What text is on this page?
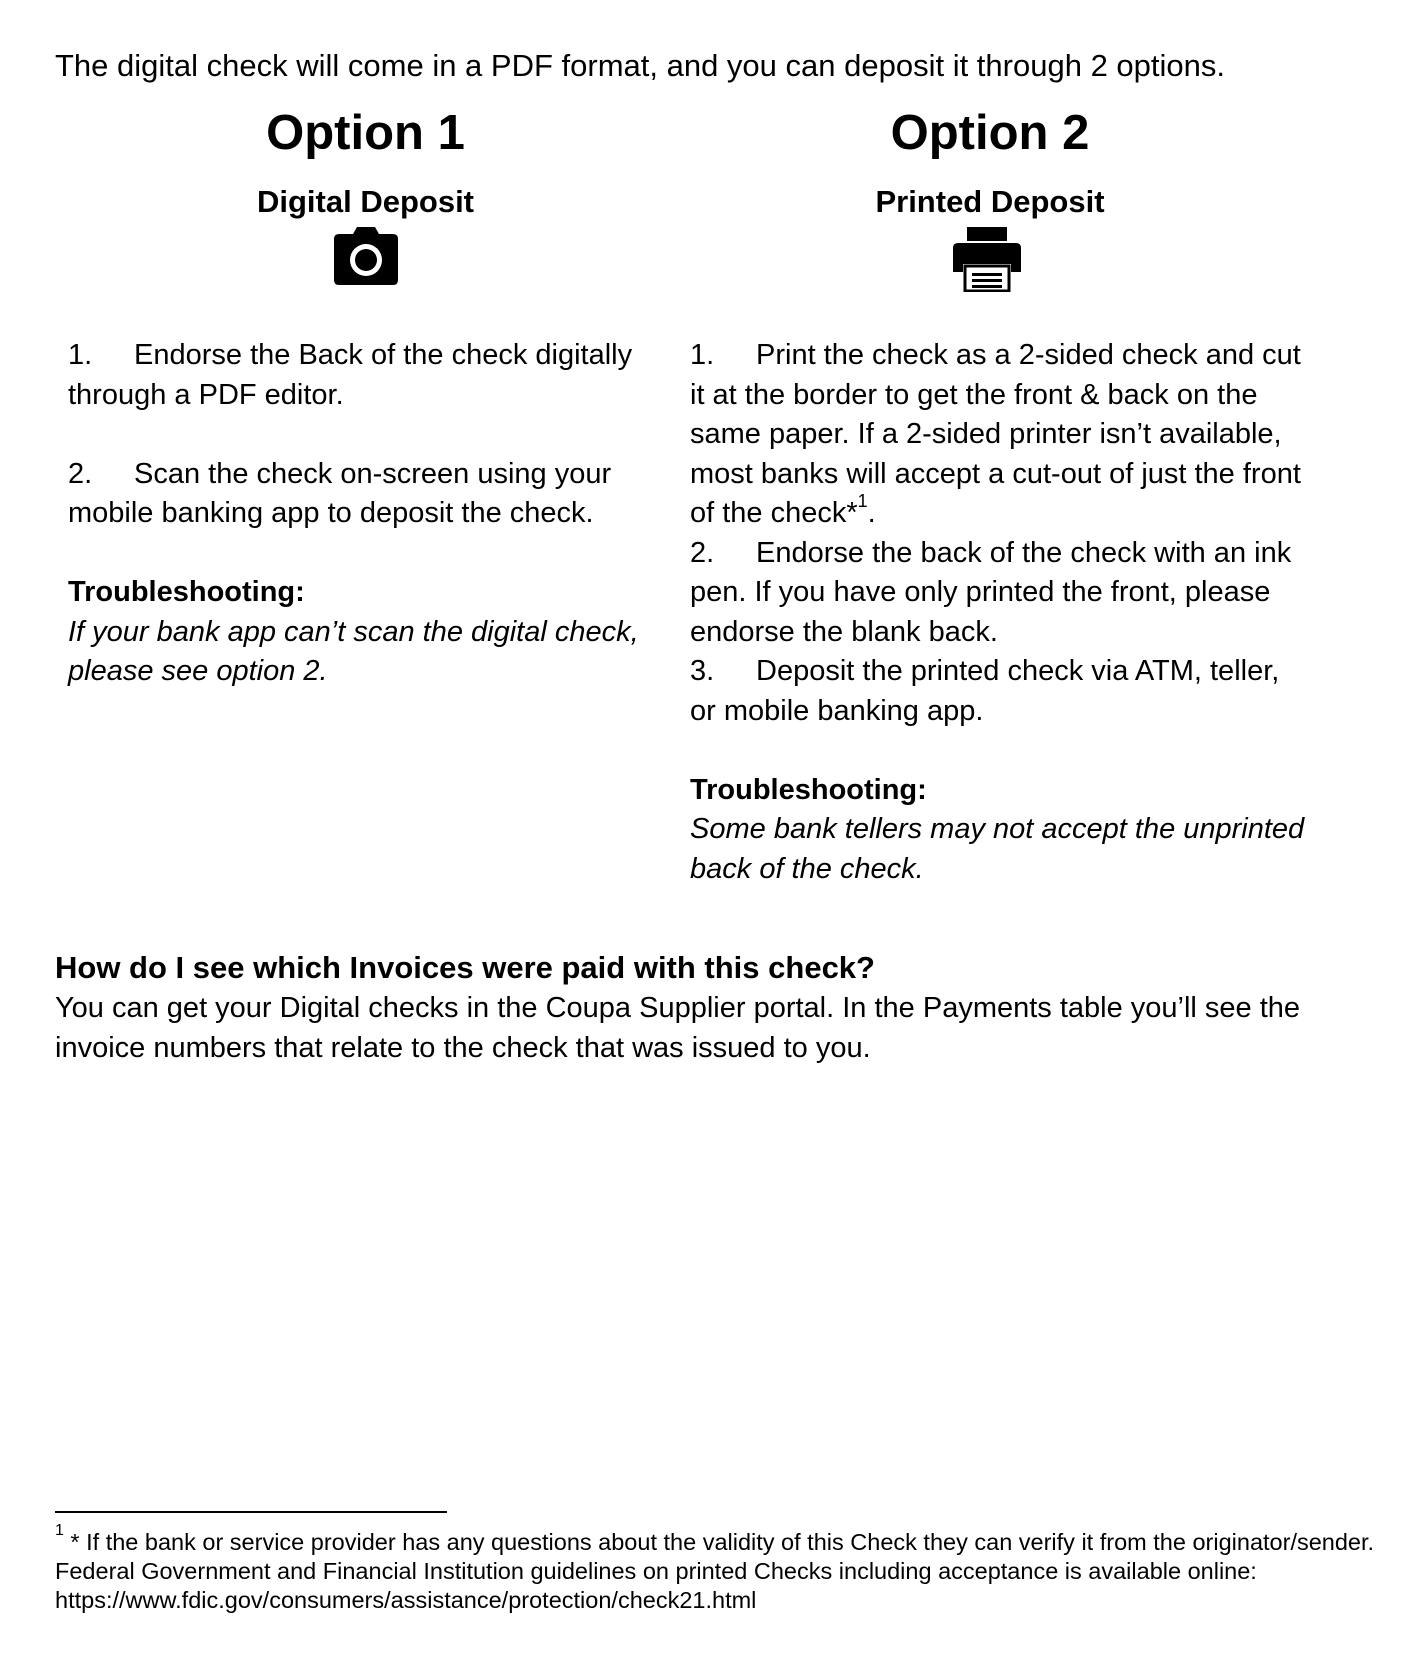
The digital check will come in a PDF format, and you can deposit it through 2 options.
Option 1
Digital Deposit

1. Endorse the Back of the check digitally through a PDF editor.

2. Scan the check on-screen using your mobile banking app to deposit the check.

Troubleshooting:

If your bank app can’t scan the digital check, please see option 2.

Option 2
Printed Deposit

1. Print the check as a 2-sided check and cut it at the border to get the front & back on the same paper. If a 2-sided printer isn’t available, most banks will accept a cut-out of just the front of the check*$^1$.

2. Endorse the back of the check with an ink pen. If you have only printed the front, please endorse the blank back.

3. Deposit the printed check via ATM, teller, or mobile banking app.

Troubleshooting:

Some bank tellers may not accept the unprinted back of the check.

How do I see which Invoices were paid with this check?
You can get your Digital checks in the Coupa Supplier portal. In the Payments table you’ll see the invoice numbers that relate to the check that was issued to you.
$^1$ * If the bank or service provider has any questions about the validity of this Check they can verify it from the originator/sender. Federal Government and Financial Institution guidelines on printed Checks including acceptance is available online: https://www.fdic.gov/consumers/assistance/protection/check21.html
